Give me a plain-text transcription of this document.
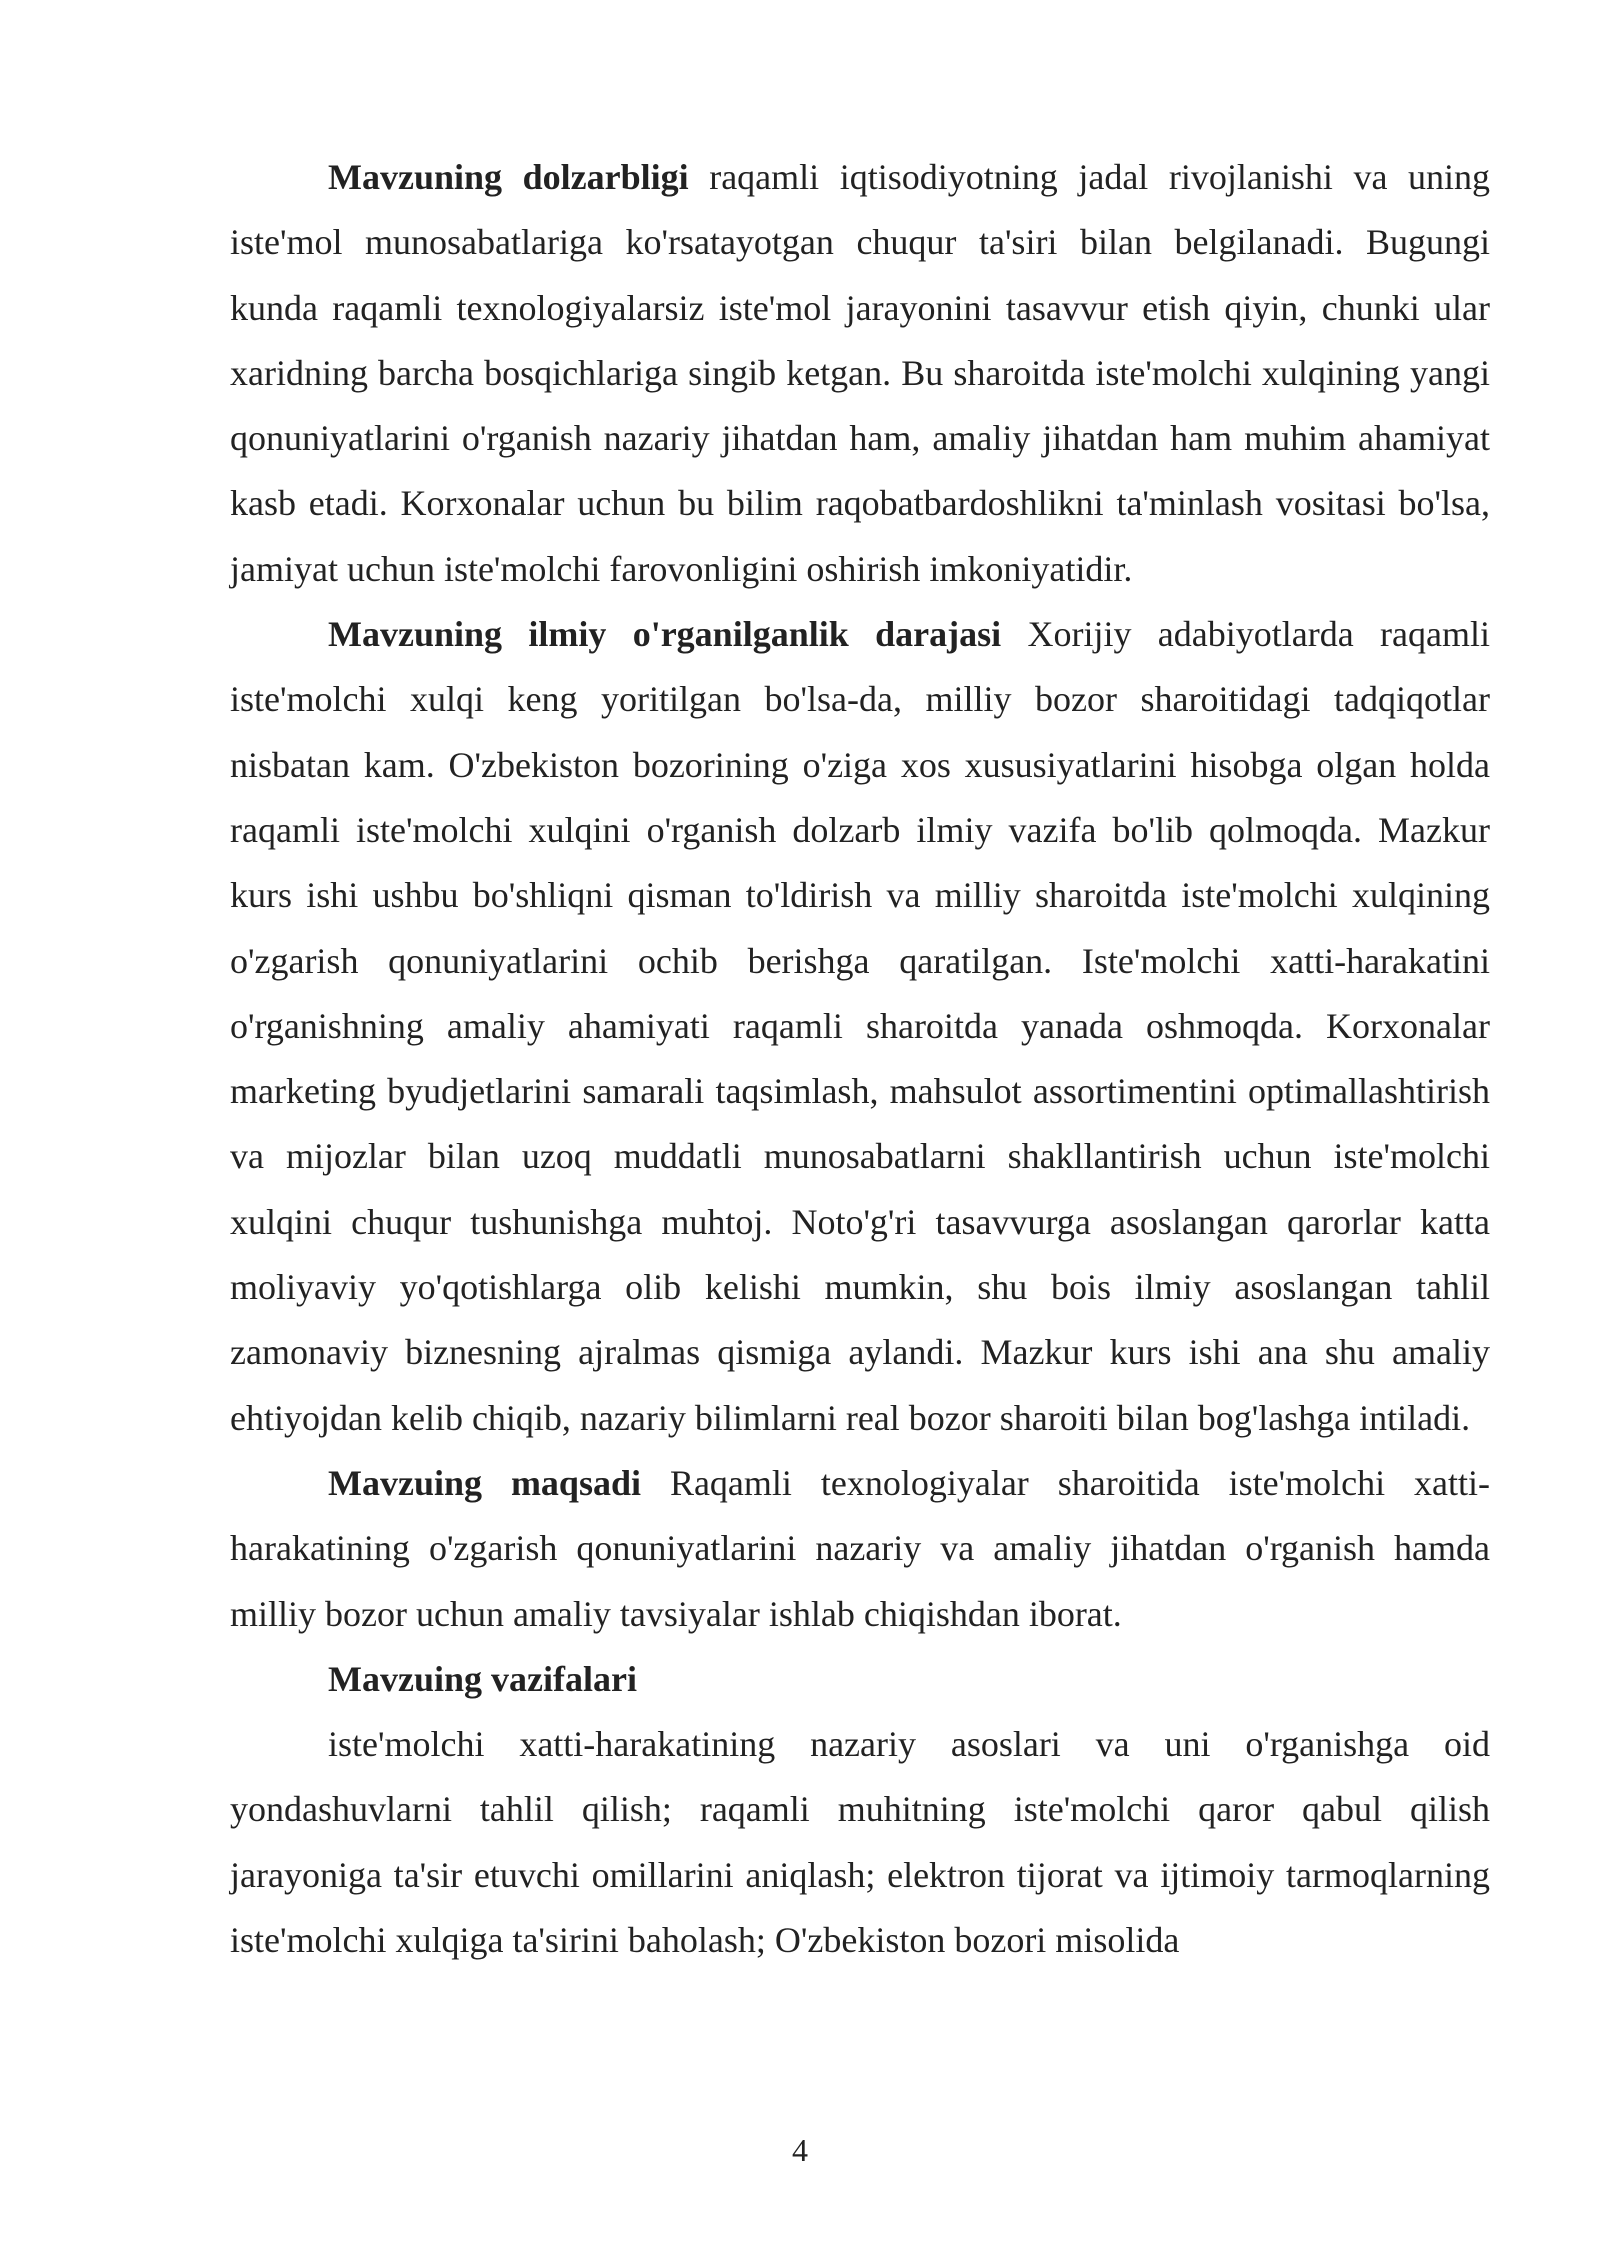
Mavzuning dolzarbligi raqamli iqtisodiyotning jadal rivojlanishi va uning iste'mol munosabatlariga ko'rsatayotgan chuqur ta'siri bilan belgilanadi. Bugungi kunda raqamli texnologiyalarsiz iste'mol jarayonini tasavvur etish qiyin, chunki ular xaridning barcha bosqichlariga singib ketgan. Bu sharoitda iste'molchi xulqining yangi qonuniyatlarini o'rganish nazariy jihatdan ham, amaliy jihatdan ham muhim ahamiyat kasb etadi. Korxonalar uchun bu bilim raqobatbardoshlikni ta'minlash vositasi bo'lsa, jamiyat uchun iste'molchi farovonligini oshirish imkoniyatidir.

Mavzuning ilmiy o'rganilganlik darajasi Xorijiy adabiyotlarda raqamli iste'molchi xulqi keng yoritilgan bo'lsa-da, milliy bozor sharoitidagi tadqiqotlar nisbatan kam. O'zbekiston bozorining o'ziga xos xususiyatlarini hisobga olgan holda raqamli iste'molchi xulqini o'rganish dolzarb ilmiy vazifa bo'lib qolmoqda. Mazkur kurs ishi ushbu bo'shliqni qisman to'ldirish va milliy sharoitda iste'molchi xulqining o'zgarish qonuniyatlarini ochib berishga qaratilgan. Iste'molchi xatti-harakatini o'rganishning amaliy ahamiyati raqamli sharoitda yanada oshmoqda. Korxonalar marketing byudjetlarini samarali taqsimlash, mahsulot assortimentini optimallashtirish va mijozlar bilan uzoq muddatli munosabatlarni shakllantirish uchun iste'molchi xulqini chuqur tushunishga muhtoj. Noto'g'ri tasavvurga asoslangan qarorlar katta moliyaviy yo'qotishlarga olib kelishi mumkin, shu bois ilmiy asoslangan tahlil zamonaviy biznesning ajralmas qismiga aylandi. Mazkur kurs ishi ana shu amaliy ehtiyojdan kelib chiqib, nazariy bilimlarni real bozor sharoiti bilan bog'lashga intiladi.

Mavzuing maqsadi Raqamli texnologiyalar sharoitida iste'molchi xatti-harakatining o'zgarish qonuniyatlarini nazariy va amaliy jihatdan o'rganish hamda milliy bozor uchun amaliy tavsiyalar ishlab chiqishdan iborat.

Mavzuing vazifalari

iste'molchi xatti-harakatining nazariy asoslari va uni o'rganishga oid yondashuvlarni tahlil qilish; raqamli muhitning iste'molchi qaror qabul qilish jarayoniga ta'sir etuvchi omillarini aniqlash; elektron tijorat va ijtimoiy tarmoqlarning iste'molchi xulqiga ta'sirini baholash; O'zbekiston bozori misolida

4
